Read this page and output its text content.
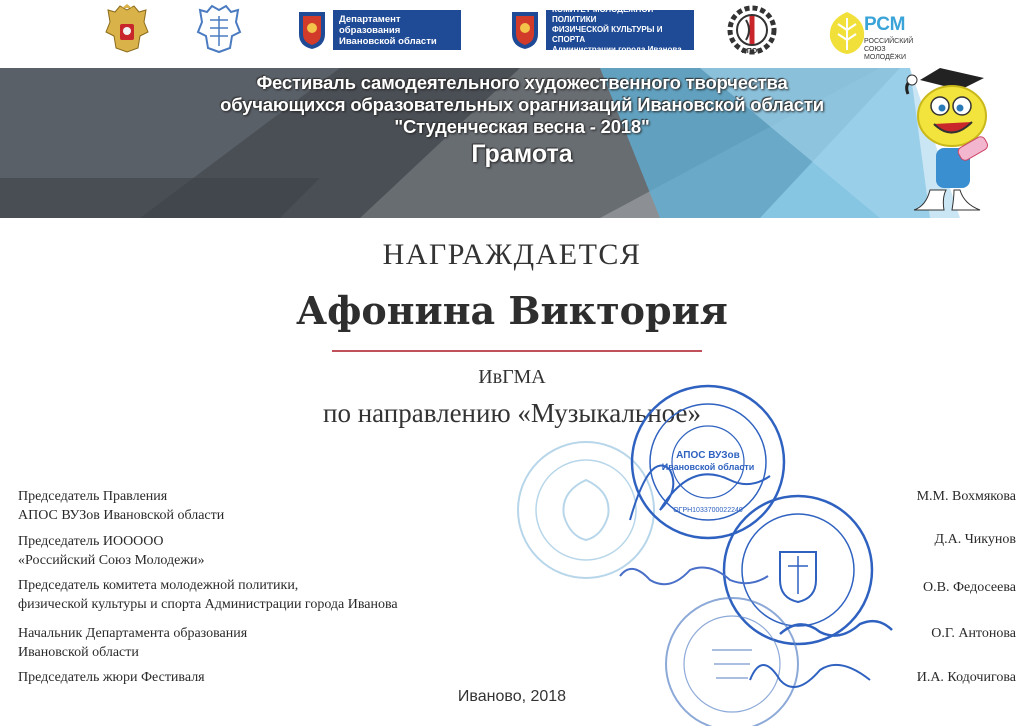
Департамент образования
Ивановской области
КОМИТЕТ МОЛОДЕЖНОЙ ПОЛИТИКИ
ФИЗИЧЕСКОЙ КУЛЬТУРЫ И СПОРТА
Администрации города Иванова	АПОС
РСМ
РОССИЙСКИЙ СОЮЗ
МОЛОДЁЖИ
Фестиваль самодеятельного художественного творчества
обучающихся образовательных орагнизаций Ивановской области
"Студенческая весна - 2018"
Грамота
НАГРАЖДАЕТСЯ
Афонина Виктория
ИвГМА
по направлению «Музыкальное»
АПОС ВУЗов
Ивановской области
ОГРН1033700022240
Председатель Правления
АПОС ВУЗов Ивановской области
М.М. Вохмякова
Председатель ИООООО
«Российский Союз Молодежи»
Д.А. Чикунов
Председатель комитета молодежной политики,
физической культуры и спорта Администрации города Иванова
О.В. Федосеева
Начальник Департамента образования
Ивановской области
О.Г. Антонова
Председатель жюри Фестиваля	И.А. Кодочигова
Иваново, 2018
